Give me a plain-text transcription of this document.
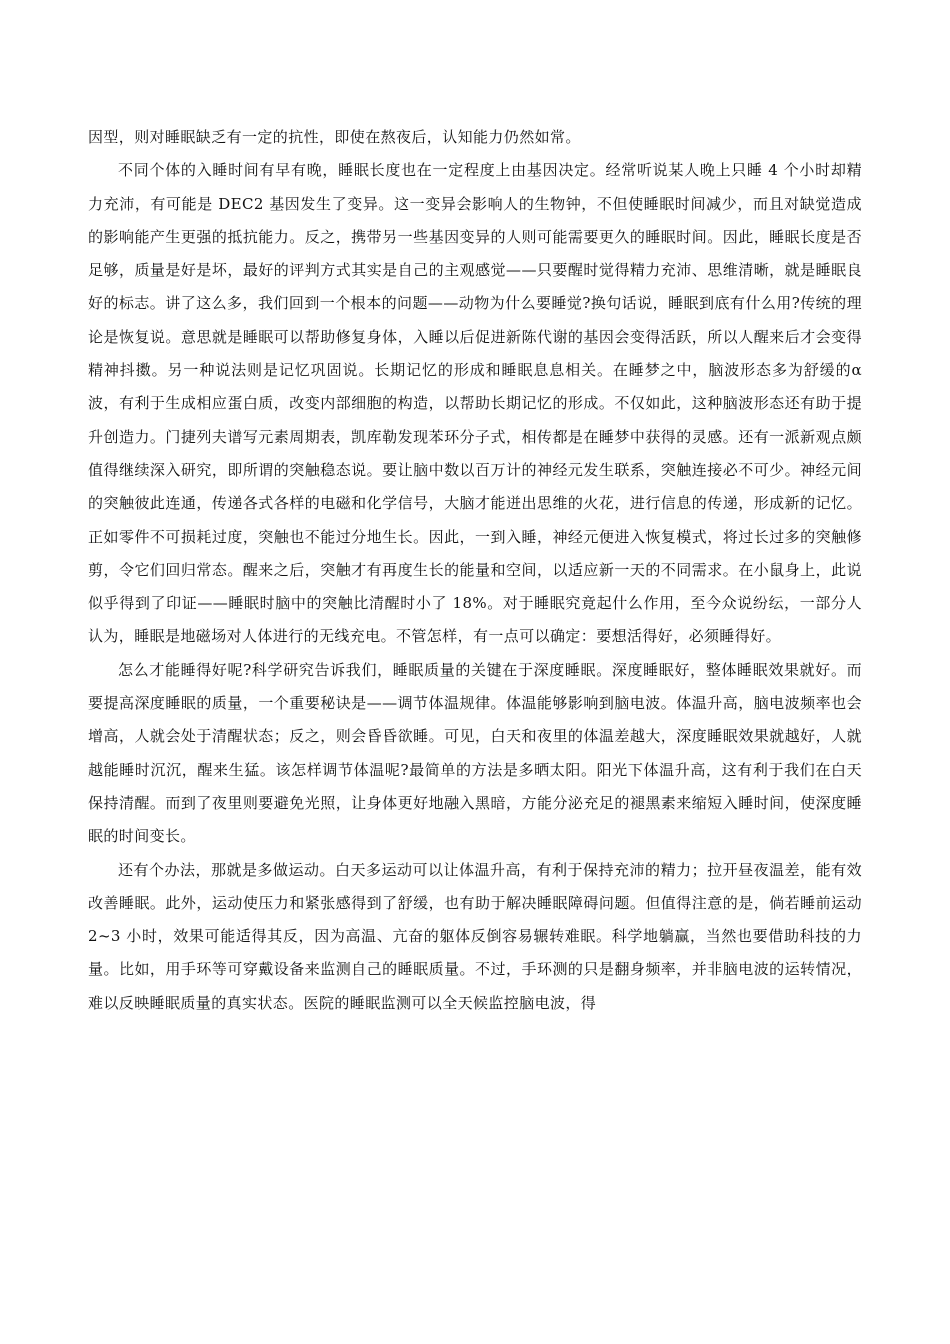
因型，则对睡眠缺乏有一定的抗性，即使在熬夜后，认知能力仍然如常。

不同个体的入睡时间有早有晚，睡眠长度也在一定程度上由基因决定。经常听说某人晚上只睡 4 个小时却精力充沛，有可能是 DEC2 基因发生了变异。这一变异会影响人的生物钟，不但使睡眠时间减少，而且对缺觉造成的影响能产生更强的抵抗能力。反之，携带另一些基因变异的人则可能需要更久的睡眠时间。因此，睡眠长度是否足够，质量是好是坏，最好的评判方式其实是自己的主观感觉——只要醒时觉得精力充沛、思维清晰，就是睡眠良好的标志。讲了这么多，我们回到一个根本的问题——动物为什么要睡觉?换句话说，睡眠到底有什么用?传统的理论是恢复说。意思就是睡眠可以帮助修复身体，入睡以后促进新陈代谢的基因会变得活跃，所以人醒来后才会变得精神抖擞。另一种说法则是记忆巩固说。长期记忆的形成和睡眠息息相关。在睡梦之中，脑波形态多为舒缓的α波，有利于生成相应蛋白质，改变内部细胞的构造，以帮助长期记忆的形成。不仅如此，这种脑波形态还有助于提升创造力。门捷列夫谱写元素周期表，凯库勒发现苯环分子式，相传都是在睡梦中获得的灵感。还有一派新观点颇值得继续深入研究，即所谓的突触稳态说。要让脑中数以百万计的神经元发生联系，突触连接必不可少。神经元间的突触彼此连通，传递各式各样的电磁和化学信号，大脑才能迸出思维的火花，进行信息的传递，形成新的记忆。正如零件不可损耗过度，突触也不能过分地生长。因此，一到入睡，神经元便进入恢复模式，将过长过多的突触修剪，令它们回归常态。醒来之后，突触才有再度生长的能量和空间，以适应新一天的不同需求。在小鼠身上，此说似乎得到了印证——睡眠时脑中的突触比清醒时小了 18%。对于睡眠究竟起什么作用，至今众说纷纭，一部分人认为，睡眠是地磁场对人体进行的无线充电。不管怎样，有一点可以确定：要想活得好，必须睡得好。

怎么才能睡得好呢?科学研究告诉我们，睡眠质量的关键在于深度睡眠。深度睡眠好，整体睡眠效果就好。而要提高深度睡眠的质量，一个重要秘诀是——调节体温规律。体温能够影响到脑电波。体温升高，脑电波频率也会增高，人就会处于清醒状态；反之，则会昏昏欲睡。可见，白天和夜里的体温差越大，深度睡眠效果就越好，人就越能睡时沉沉，醒来生猛。该怎样调节体温呢?最简单的方法是多晒太阳。阳光下体温升高，这有利于我们在白天保持清醒。而到了夜里则要避免光照，让身体更好地融入黑暗，方能分泌充足的褪黑素来缩短入睡时间，使深度睡眠的时间变长。

还有个办法，那就是多做运动。白天多运动可以让体温升高，有利于保持充沛的精力；拉开昼夜温差，能有效改善睡眠。此外，运动使压力和紧张感得到了舒缓，也有助于解决睡眠障碍问题。但值得注意的是，倘若睡前运动 2~3 小时，效果可能适得其反，因为高温、亢奋的躯体反倒容易辗转难眠。科学地躺赢，当然也要借助科技的力量。比如，用手环等可穿戴设备来监测自己的睡眠质量。不过，手环测的只是翻身频率，并非脑电波的运转情况，难以反映睡眠质量的真实状态。医院的睡眠监测可以全天候监控脑电波，得
